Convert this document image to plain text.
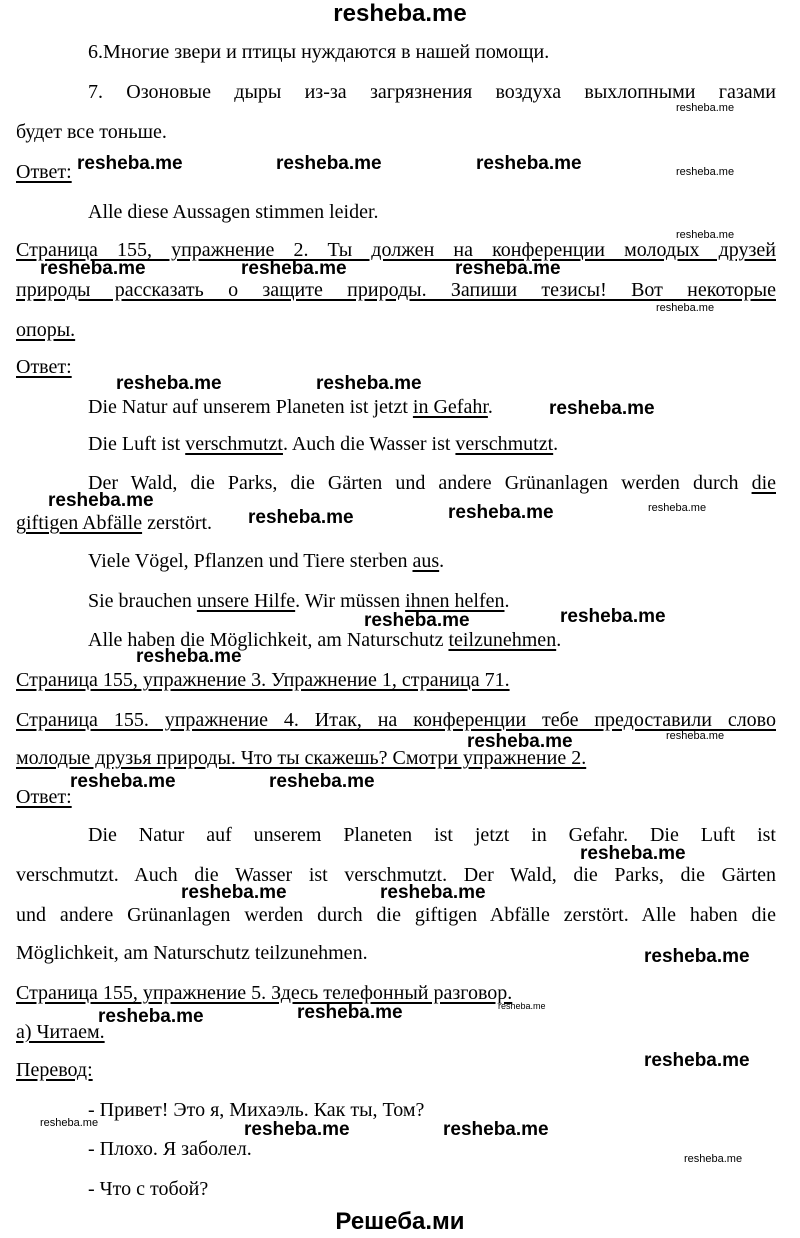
resheba.me
6.Многие звери и птицы нуждаются в нашей помощи.
7. Озоновые дыры из-за загрязнения воздуха выхлопными газами
будет все тоньше.
Ответ:
Alle diese Aussagen stimmen leider.
Страница 155, упражнение 2. Ты должен на конференции молодых друзей
природы рассказать о защите природы. Запиши тезисы! Вот некоторые
опоры.
Ответ:
Die Natur auf unserem Planeten ist jetzt in Gefahr.
Die Luft ist verschmutzt. Auch die Wasser ist verschmutzt.
Der Wald, die Parks, die Gärten und andere Grünanlagen werden durch die
giftigen Abfälle zerstört.
Viele Vögel, Pflanzen und Tiere sterben aus.
Sie brauchen unsere Hilfe. Wir müssen ihnen helfen.
Alle haben die Möglichkeit, am Naturschutz teilzunehmen.
Страница 155, упражнение 3. Упражнение 1, страница 71.
Страница 155. упражнение 4. Итак, на конференции тебе предоставили слово
молодые друзья природы. Что ты скажешь? Смотри упражнение 2.
Ответ:
Die Natur auf unserem Planeten ist jetzt in Gefahr. Die Luft ist
verschmutzt. Auch die Wasser ist verschmutzt. Der Wald, die Parks, die Gärten
und andere Grünanlagen werden durch die giftigen Abfälle zerstört. Alle haben die
Möglichkeit, am Naturschutz teilzunehmen.
Страница 155, упражнение 5. Здесь телефонный разговор.
а) Читаем.
Перевод:
- Привет! Это я, Михаэль. Как ты, Том?
- Плохо. Я заболел.
- Что с тобой?
Решеба.ми
resheba.me	resheba.me	resheba.me
resheba.me	resheba.me	resheba.me
resheba.me	resheba.me
resheba.me
resheba.me
resheba.me	resheba.me
resheba.me	resheba.me
resheba.me
resheba.me
resheba.me	resheba.me
resheba.me
resheba.me	resheba.me
resheba.me
resheba.me	resheba.me
resheba.me
resheba.me	resheba.me
resheba.me
resheba.me
resheba.me
resheba.me
resheba.me
resheba.me
resheba.me
resheba.me
resheba.me
